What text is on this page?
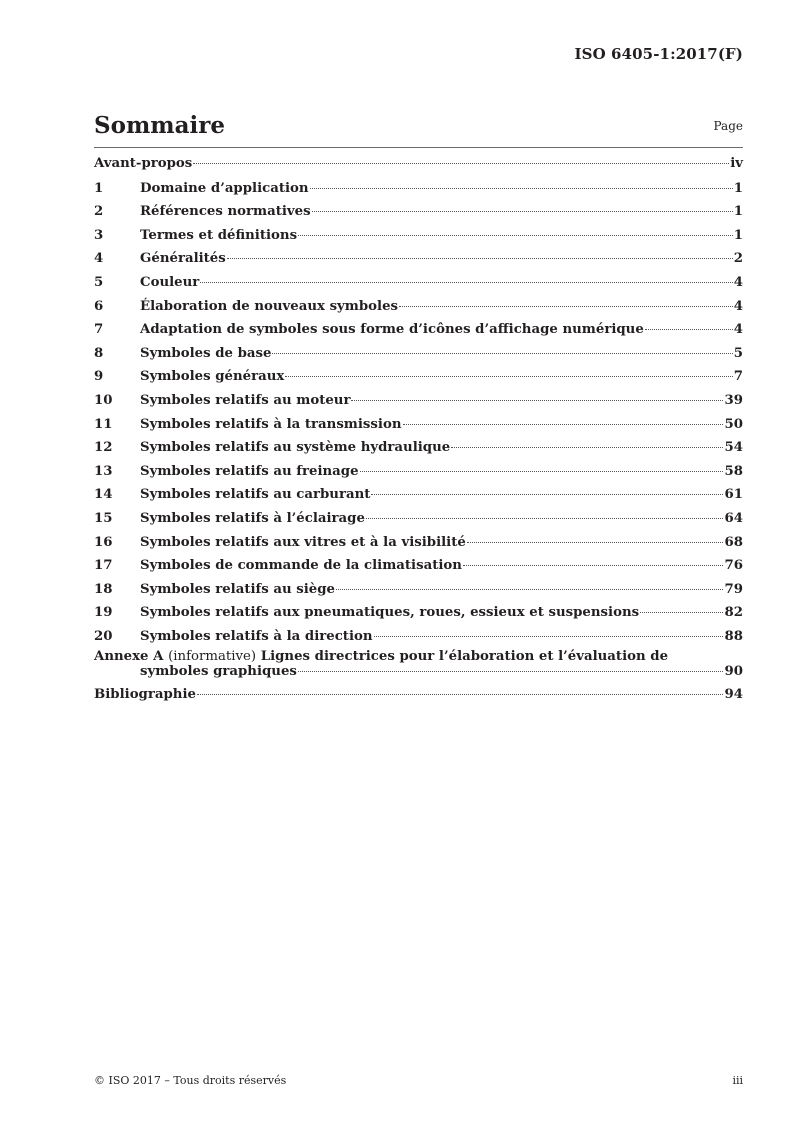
ISO 6405-1:2017(F)
Sommaire	Page
Avant-propos	iv
1	Domaine d’application	1
2	Références normatives	1
3	Termes et définitions	1
4	Généralités	2
5	Couleur	4
6	Élaboration de nouveaux symboles	4
7	Adaptation de symboles sous forme d’icônes d’affichage numérique	4
8	Symboles de base	5
9	Symboles généraux	7
10 Symboles relatifs au moteur	39
11 Symboles relatifs à la transmission	50
12 Symboles relatifs au système hydraulique	54
13 Symboles relatifs au freinage	58
14 Symboles relatifs au carburant	61
15 Symboles relatifs à l’éclairage	64
16 Symboles relatifs aux vitres et à la visibilité	68
17 Symboles de commande de la climatisation	76
18 Symboles relatifs au siège	79
19 Symboles relatifs aux pneumatiques, roues, essieux et suspensions	82
20 Symboles relatifs à la direction	88
Annexe A (informative) Lignes directrices pour l’élaboration et l’évaluation de
symboles graphiques	90
Bibliographie	94
© ISO 2017 – Tous droits réservés	iii
